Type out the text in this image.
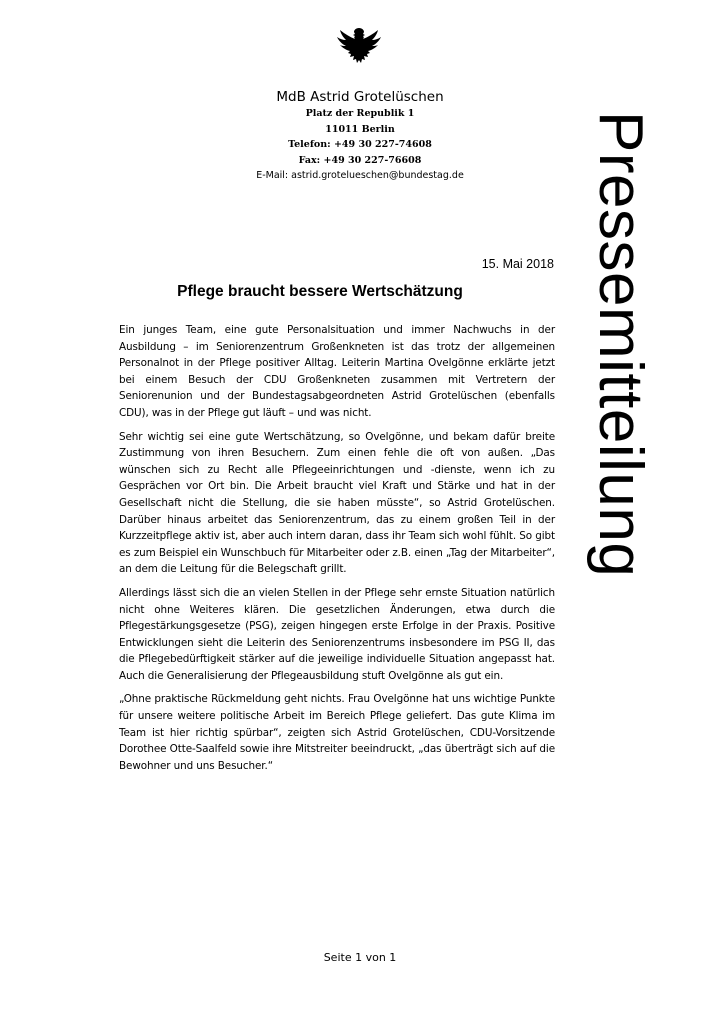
MdB Astrid Grotelüschen
Platz der Republik 1
11011 Berlin
Telefon: +49 30 227-74608
Fax: +49 30 227-76608
E-Mail: astrid.grotelueschen@bundestag.de	Pressemitteilung
15. Mai 2018
Pflege braucht bessere Wertschätzung

Ein junges Team, eine gute Personalsituation und immer Nachwuchs in der Ausbildung – im Seniorenzentrum Großenkneten ist das trotz der allgemeinen Personalnot in der Pflege positiver Alltag. Leiterin Martina Ovelgönne erklärte jetzt bei einem Besuch der CDU Großenkneten zusammen mit Vertretern der Seniorenunion und der Bundestagsabgeordneten Astrid Grotelüschen (ebenfalls CDU), was in der Pflege gut läuft – und was nicht.

Sehr wichtig sei eine gute Wertschätzung, so Ovelgönne, und bekam dafür breite Zustimmung von ihren Besuchern. Zum einen fehle die oft von außen. „Das wünschen sich zu Recht alle Pflegeeinrichtungen und -dienste, wenn ich zu Gesprächen vor Ort bin. Die Arbeit braucht viel Kraft und Stärke und hat in der Gesellschaft nicht die Stellung, die sie haben müsste“, so Astrid Grotelüschen. Darüber hinaus arbeitet das Seniorenzentrum, das zu einem großen Teil in der Kurzzeitpflege aktiv ist, aber auch intern daran, dass ihr Team sich wohl fühlt. So gibt es zum Beispiel ein Wunschbuch für Mitarbeiter oder z.B. einen „Tag der Mitarbeiter“, an dem die Leitung für die Belegschaft grillt.

Allerdings lässt sich die an vielen Stellen in der Pflege sehr ernste Situation natürlich nicht ohne Weiteres klären. Die gesetzlichen Änderungen, etwa durch die Pflegestärkungsgesetze (PSG), zeigen hingegen erste Erfolge in der Praxis. Positive Entwicklungen sieht die Leiterin des Seniorenzentrums insbesondere im PSG II, das die Pflegebedürftigkeit stärker auf die jeweilige individuelle Situation angepasst hat. Auch die Generalisierung der Pflegeausbildung stuft Ovelgönne als gut ein.

„Ohne praktische Rückmeldung geht nichts. Frau Ovelgönne hat uns wichtige Punkte für unsere weitere politische Arbeit im Bereich Pflege geliefert. Das gute Klima im Team ist hier richtig spürbar“, zeigten sich Astrid Grotelüschen, CDU-Vorsitzende Dorothee Otte-Saalfeld sowie ihre Mitstreiter beeindruckt, „das überträgt sich auf die Bewohner und uns Besucher.“

Seite 1 von 1
